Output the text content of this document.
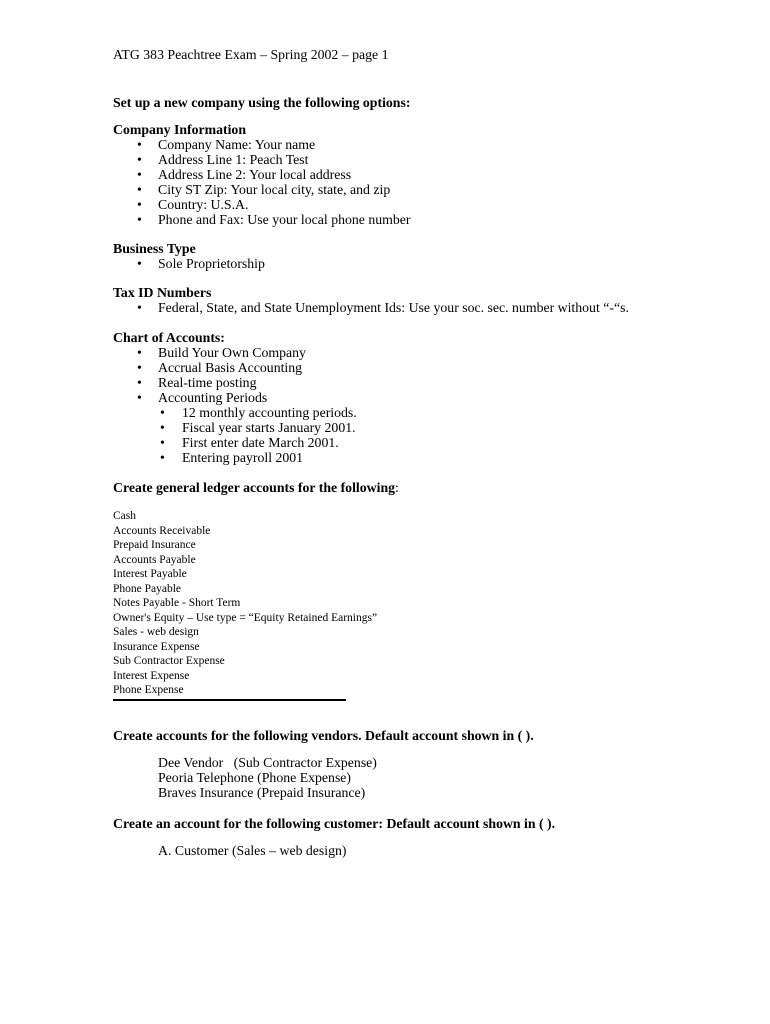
ATG 383 Peachtree Exam – Spring 2002 – page 1

Set up a new company using the following options:

Company Information

• Company Name: Your name
• Address Line 1: Peach Test
• Address Line 2: Your local address
• City ST Zip: Your local city, state, and zip
• Country: U.S.A.
• Phone and Fax: Use your local phone number

Business Type

• Sole Proprietorship

Tax ID Numbers

• Federal, State, and State Unemployment Ids: Use your soc. sec. number without “-“s.

Chart of Accounts:

• Build Your Own Company
• Accrual Basis Accounting
• Real-time posting
• Accounting Periods
• 12 monthly accounting periods.
• Fiscal year starts January 2001.
• First enter date March 2001.
• Entering payroll 2001

Create general ledger accounts for the following:

Cash
Accounts Receivable
Prepaid Insurance
Accounts Payable
Interest Payable
Phone Payable
Notes Payable - Short Term
Owner's Equity – Use type = “Equity Retained Earnings”
Sales - web design
Insurance Expense
Sub Contractor Expense
Interest Expense
Phone Expense

Create accounts for the following vendors. Default account shown in ( ).

Dee Vendor   (Sub Contractor Expense)
Peoria Telephone (Phone Expense)
Braves Insurance (Prepaid Insurance)

Create an account for the following customer: Default account shown in ( ).

A. Customer (Sales – web design)
